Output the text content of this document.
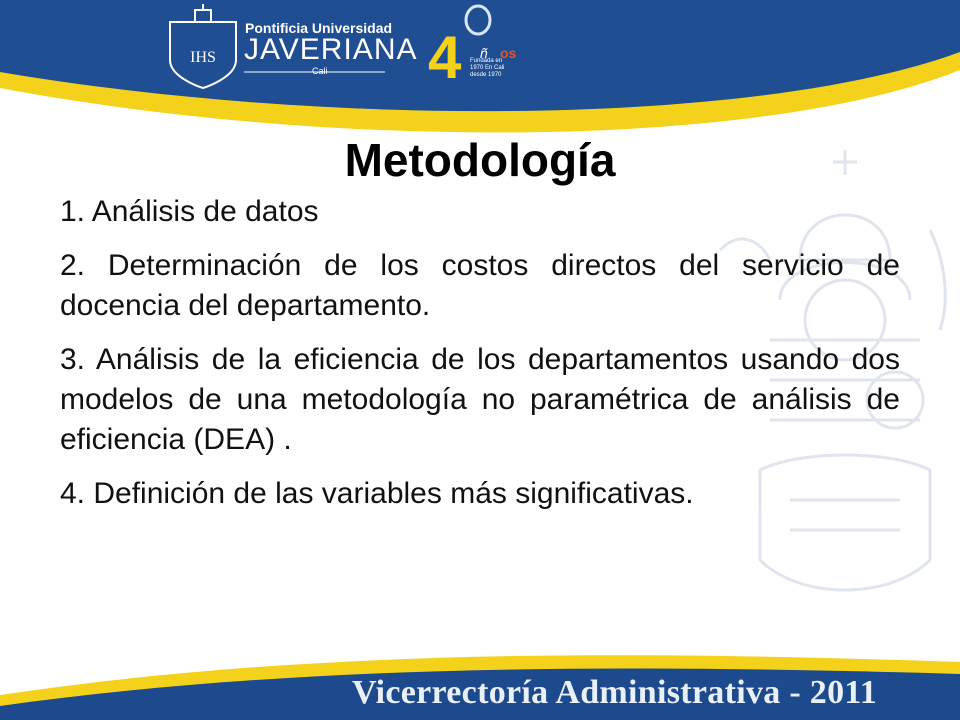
IHS	4 ñ os
Pontificia Universidad
JAVERIANA
Cali
Fundada en 1970 En Cali desde 1970
Metodología

1. Análisis de datos

2. Determinación de los costos directos del servicio de docencia del departamento.

3. Análisis de la eficiencia de los departamentos usando dos modelos de una metodología no paramétrica de análisis de eficiencia (DEA) .

4. Definición de las variables más significativas.

Vicerrectoría Administrativa - 2011
